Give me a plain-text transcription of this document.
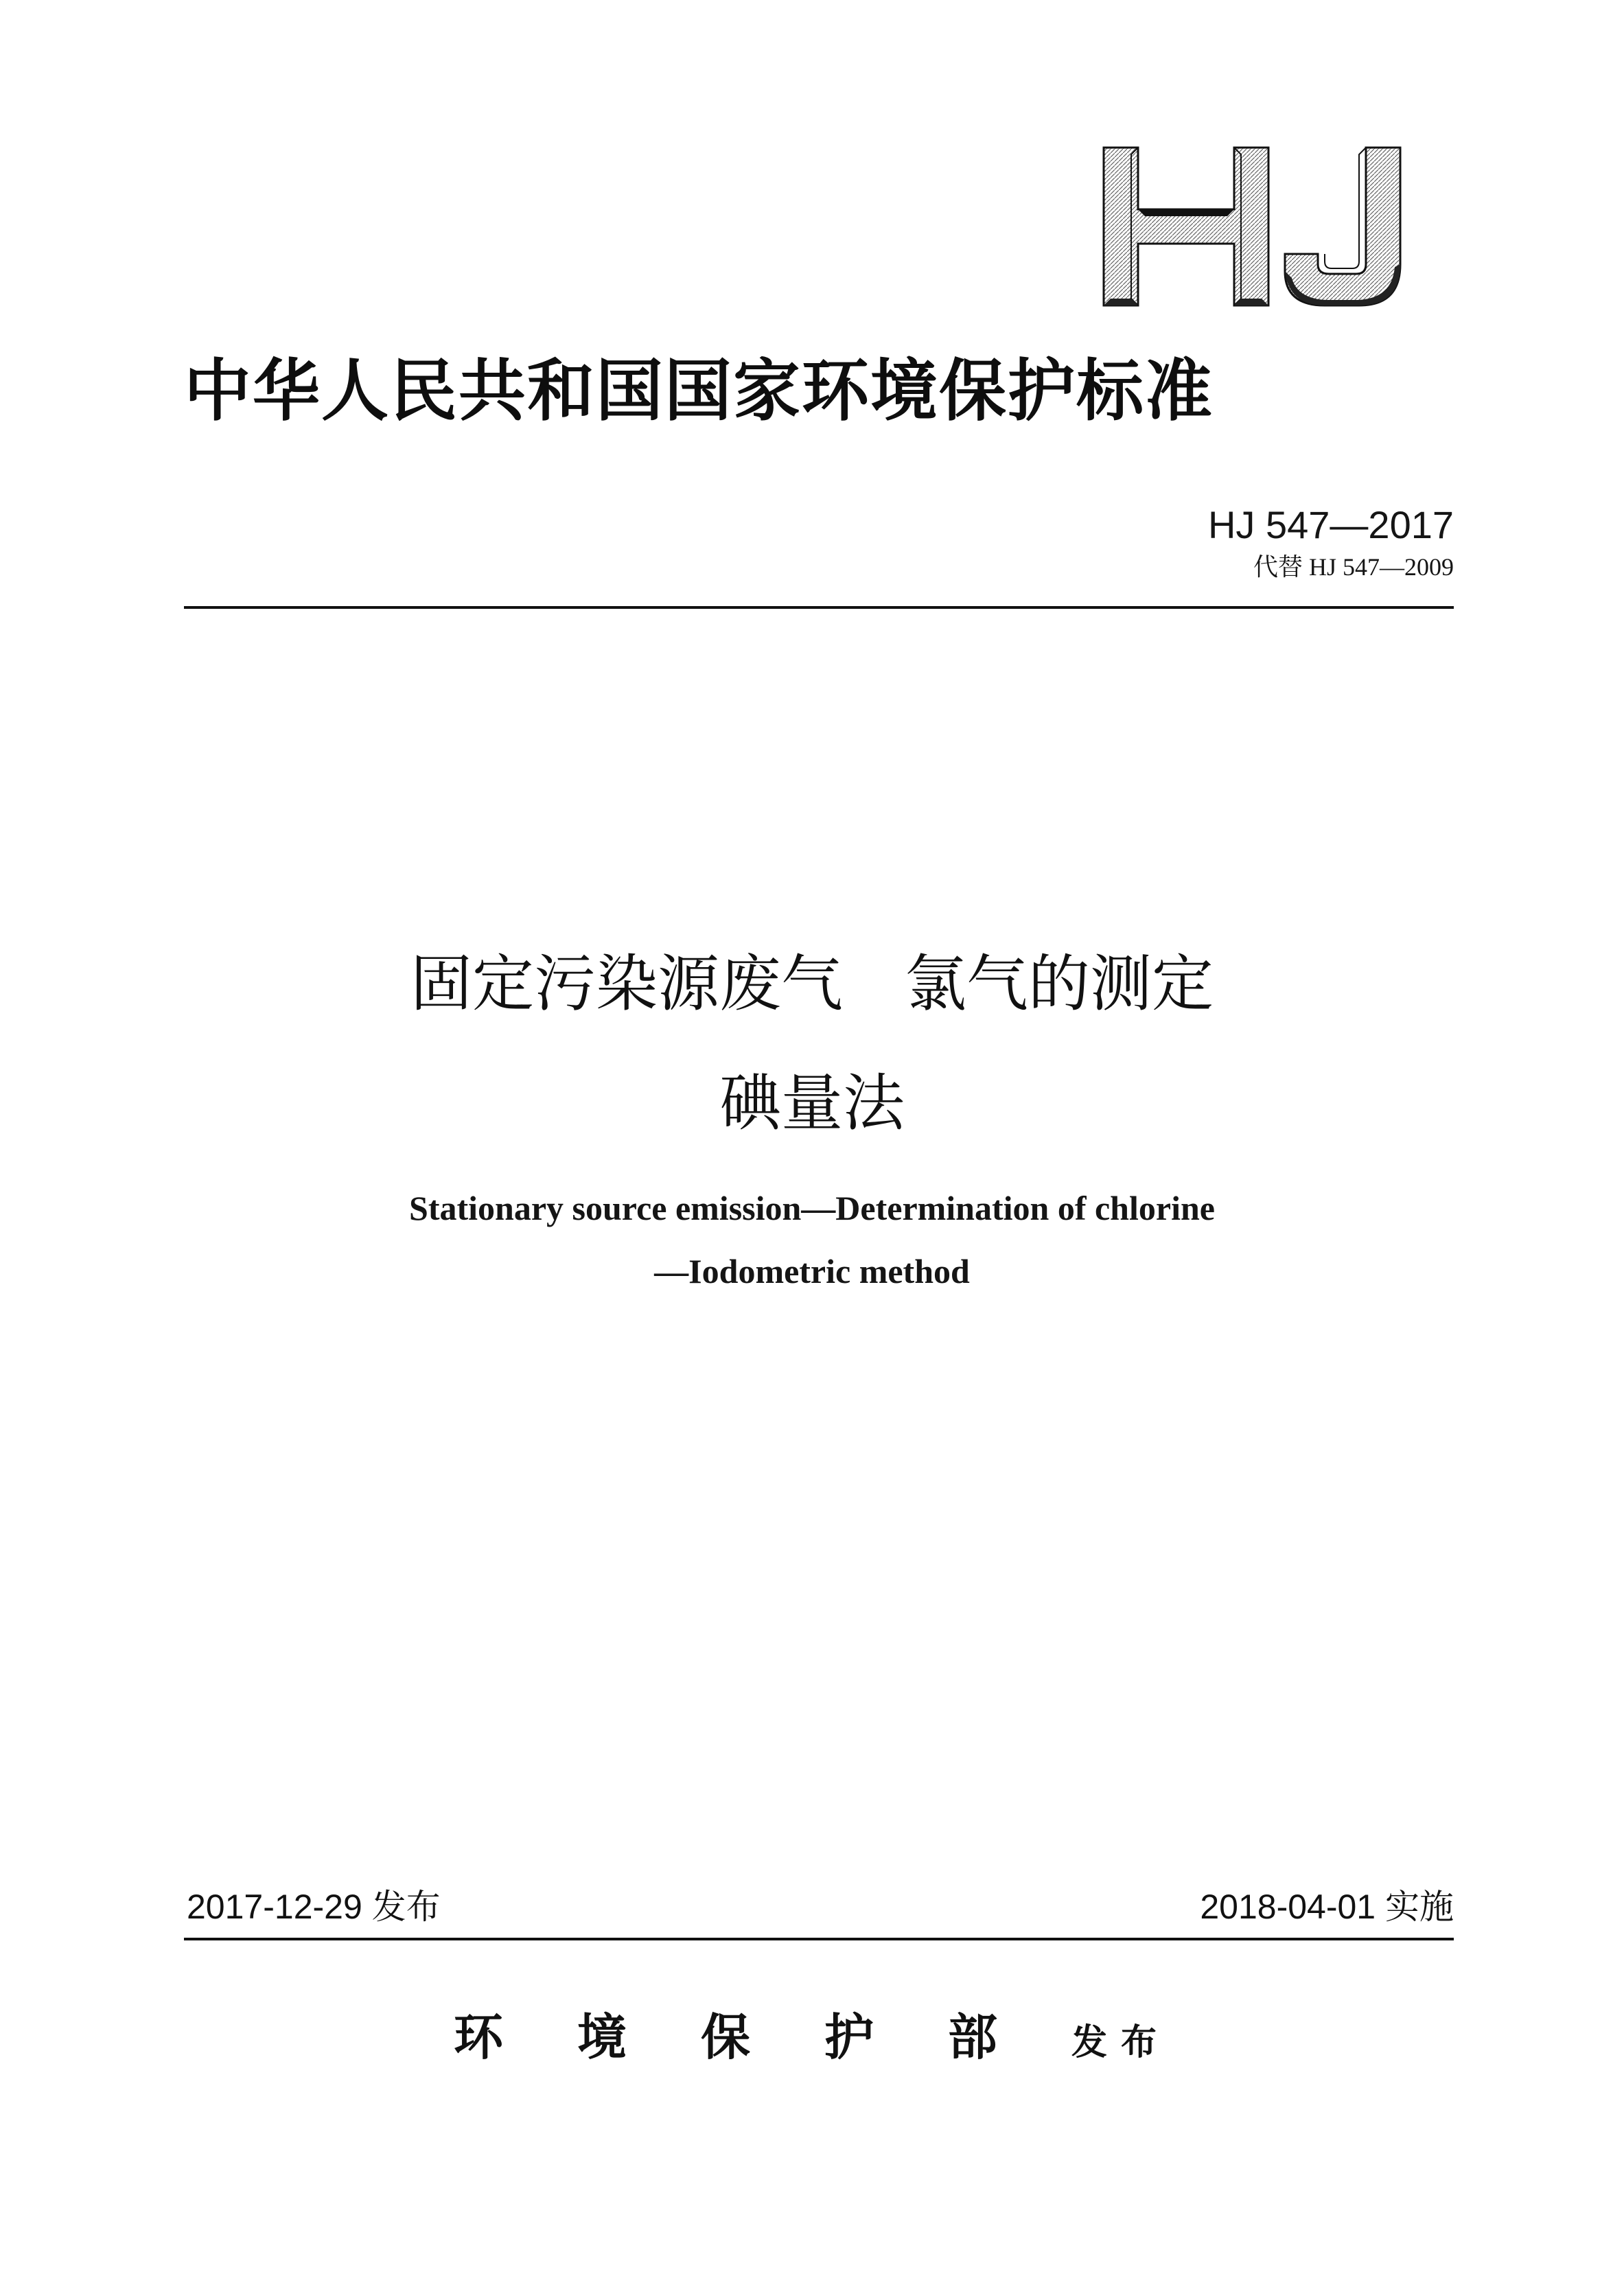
中华人民共和国国家环境保护标准
HJ 547—2017
代替 HJ 547—2009
固定污染源废气　氯气的测定
碘量法
Stationary source emission—Determination of chlorine
—Iodometric method
2017-12-29 发布	2018-04-01 实施
环境保护部发布
